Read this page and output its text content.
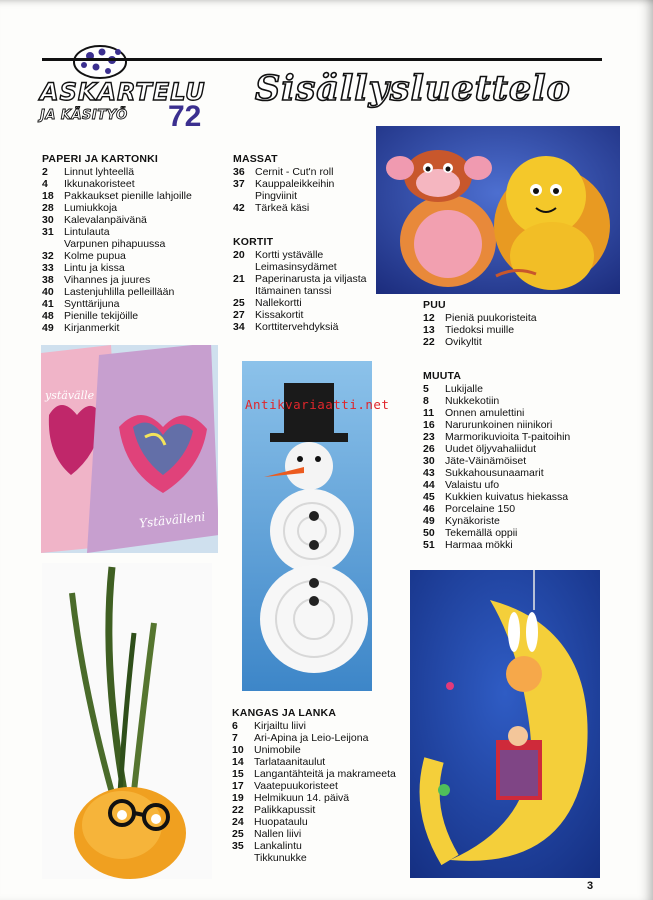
ASKARTELU
JA KÄSITYÖ 72
Sisällysluettelo
PAPERI JA KARTONKI
2	Linnut lyhteellä
4	Ikkunakoristeet
18 Pakkaukset pienille lahjoille
28 Lumiukkoja
30 Kalevalanpäivänä
31 Lintulauta
Varpunen pihapuussa
32 Kolme pupua
33 Lintu ja kissa
38 Vihannes ja juures
40 Lastenjuhlilla pelleillään
41 Synttärijuna
48 Pienille tekijöille
49 Kirjanmerkit
MASSAT
36 Cernit - Cut'n roll
37 Kauppaleikkeihin
Pingviinit
42 Tärkeä käsi
KORTIT
20 Kortti ystävälle
Leimasinsydämet
21 Paperinarusta ja viljasta
Itämainen tanssi
25 Nallekortti
27 Kissakortit
34 Korttitervehdyksiä
PUU
12 Pieniä puukoristeita
13 Tiedoksi muille
22 Ovikyltit
MUUTA
5	Lukijalle
8	Nukkekotiin
11	Onnen amulettini
16 Narurunkoinen niinikori
23 Marmorikuvioita T-paitoihin
26 Uudet öljyvahaliidut
30 Jäte-Väinämöiset
43 Sukkahousunaamarit
44 Valaistu ufo
45 Kukkien kuivatus hiekassa
46 Porcelaine 150
49 Kynäkoriste
50 Tekemällä oppii
51 Harmaa mökki
KANGAS JA LANKA
6	Kirjailtu liivi
7	Ari-Apina ja Leio-Leijona
10 Unimobile
14 Tarlataanitaulut
15 Langantähteitä ja makrameeta
17 Vaatepuukoristeet
19 Helmikuun 14. päivä
22 Palikkapussit
24 Huopataulu
25 Nallen liivi
35 Lankalintu
Tikkunukke
ystävälle
Ystävälleni
Antikvariaatti.net
3
